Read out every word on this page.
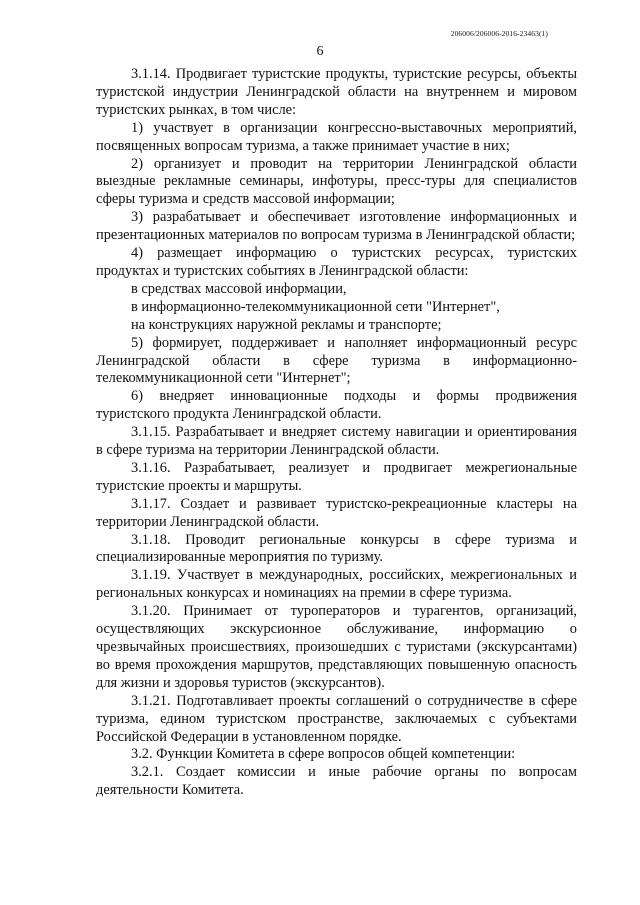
206006/206006-2016-23463(1)
6

3.1.14. Продвигает туристские продукты, туристские ресурсы, объекты туристской индустрии Ленинградской области на внутреннем и мировом туристских рынках, в том числе:

1) участвует в организации конгрессно-выставочных мероприятий, посвященных вопросам туризма, а также принимает участие в них;

2) организует и проводит на территории Ленинградской области выездные рекламные семинары, инфотуры, пресс-туры для специалистов сферы туризма и средств массовой информации;

3) разрабатывает и обеспечивает изготовление информационных и презентационных материалов по вопросам туризма в Ленинградской области;

4) размещает информацию о туристских ресурсах, туристских продуктах и туристских событиях в Ленинградской области:

в средствах массовой информации,

в информационно-телекоммуникационной сети "Интернет",

на конструкциях наружной рекламы и транспорте;

5) формирует, поддерживает и наполняет информационный ресурс Ленинградской области в сфере туризма в информационно-телекоммуникационной сети "Интернет";

6) внедряет инновационные подходы и формы продвижения туристского продукта Ленинградской области.

3.1.15. Разрабатывает и внедряет систему навигации и ориентирования в сфере туризма на территории Ленинградской области.

3.1.16. Разрабатывает, реализует и продвигает межрегиональные туристские проекты и маршруты.

3.1.17. Создает и развивает туристско-рекреационные кластеры на территории Ленинградской области.

3.1.18. Проводит региональные конкурсы в сфере туризма и специализированные мероприятия по туризму.

3.1.19. Участвует в международных, российских, межрегиональных и региональных конкурсах и номинациях на премии в сфере туризма.

3.1.20. Принимает от туроператоров и турагентов, организаций, осуществляющих экскурсионное обслуживание, информацию о чрезвычайных происшествиях, произошедших с туристами (экскурсантами) во время прохождения маршрутов, представляющих повышенную опасность для жизни и здоровья туристов (экскурсантов).

3.1.21. Подготавливает проекты соглашений о сотрудничестве в сфере туризма, едином туристском пространстве, заключаемых с субъектами Российской Федерации в установленном порядке.

3.2. Функции Комитета в сфере вопросов общей компетенции:

3.2.1. Создает комиссии и иные рабочие органы по вопросам деятельности Комитета.
